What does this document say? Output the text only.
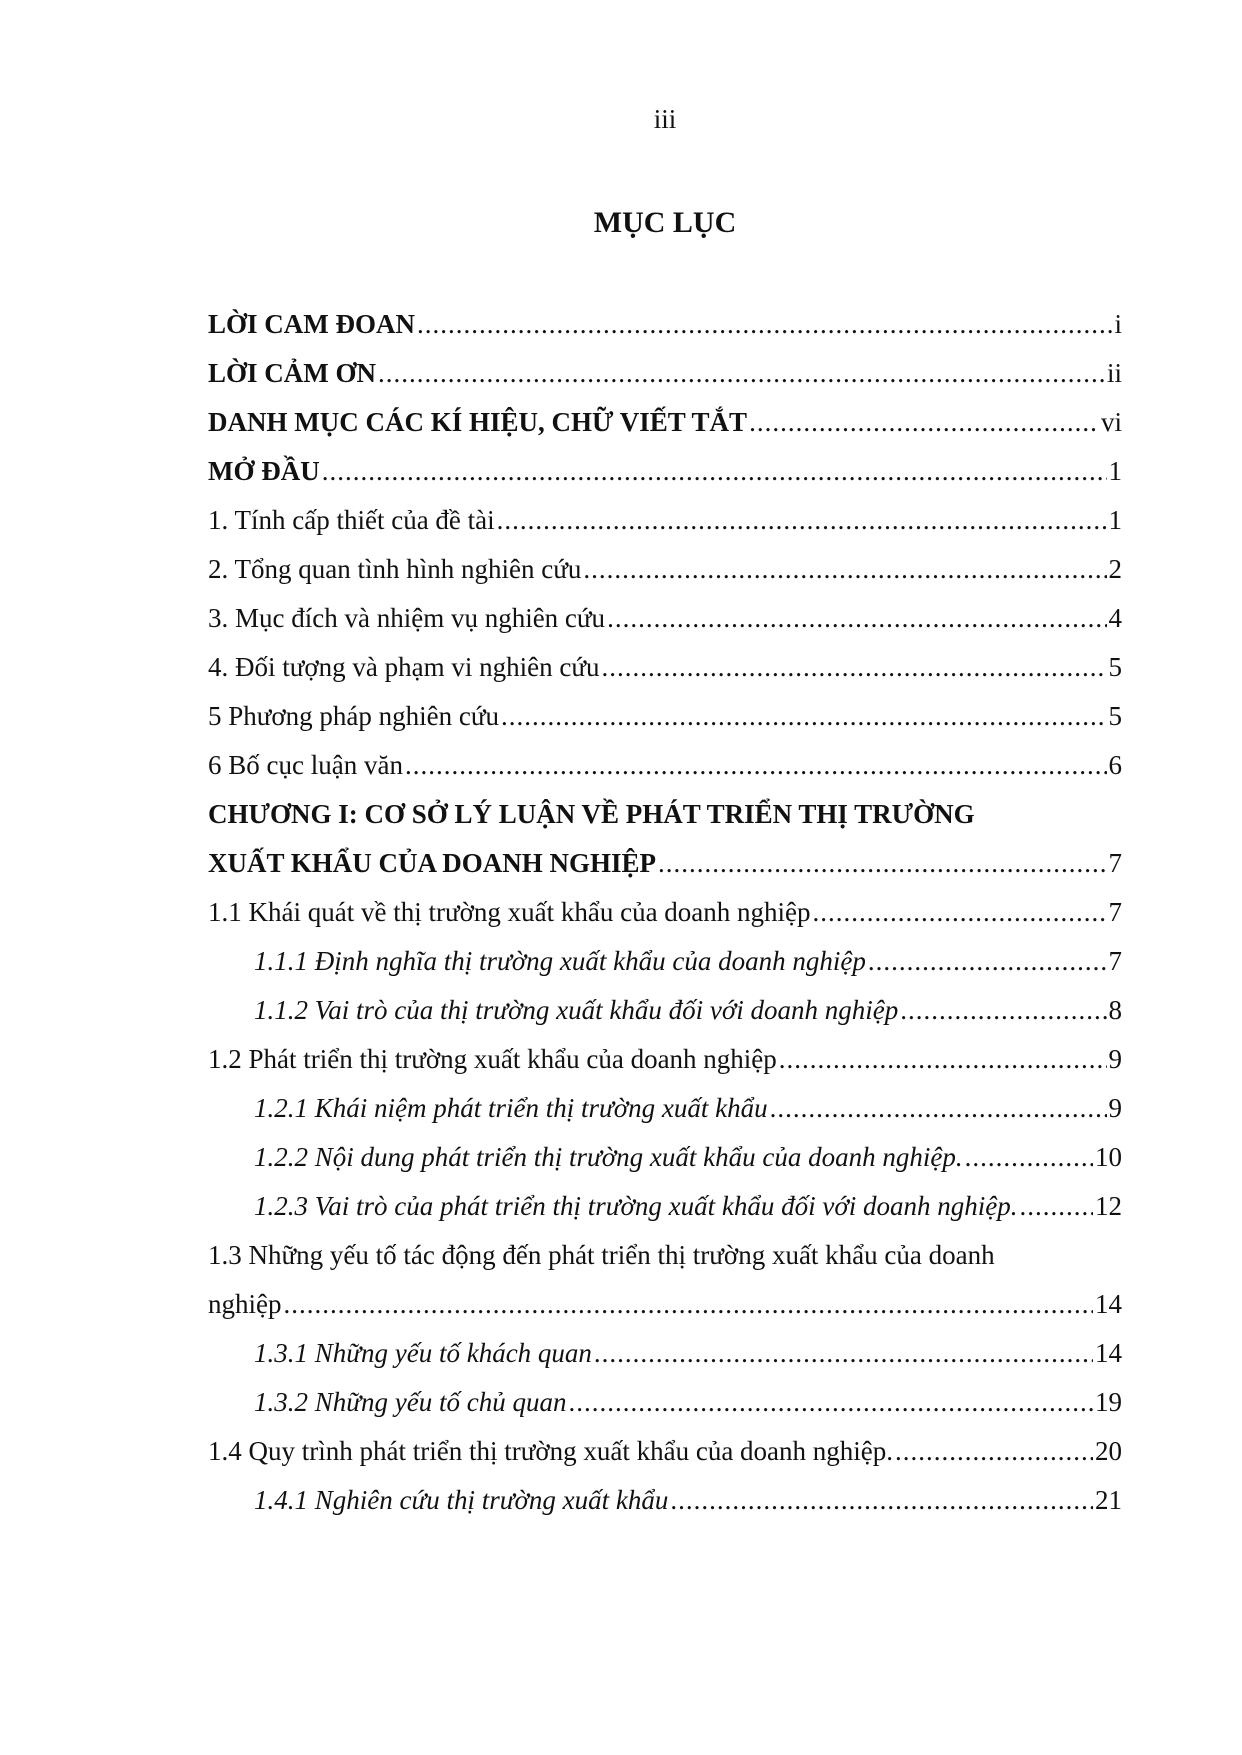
iii
MỤC LỤC
LỜI CAM ĐOAN .....	i
LỜI CẢM ƠN .....	ii
DANH MỤC CÁC KÍ HIỆU, CHỮ VIẾT TẮT .....	vi
MỞ ĐẦU .....	1
1. Tính cấp thiết của đề tài .....	1
2. Tổng quan tình hình nghiên cứu .....	2
3. Mục đích và nhiệm vụ nghiên cứu .....	4
4. Đối tượng và phạm vi nghiên cứu .....	5
5 Phương pháp nghiên cứu .....	5
6 Bố cục luận văn .....	6
CHƯƠNG I: CƠ SỞ LÝ LUẬN VỀ PHÁT TRIỂN THỊ TRƯỜNG
XUẤT KHẨU CỦA DOANH NGHIỆP .....	7
1.1 Khái quát về thị trường xuất khẩu của doanh nghiệp .....	7
1.1.1 Định nghĩa thị trường xuất khẩu của doanh nghiệp .....	7
1.1.2 Vai trò của thị trường xuất khẩu đối với doanh nghiệp .....	8
1.2 Phát triển thị trường xuất khẩu của doanh nghiệp .....	9
1.2.1 Khái niệm phát triển thị trường xuất khẩu .....	9
1.2.2 Nội dung phát triển thị trường xuất khẩu của doanh nghiệp. .....	10
1.2.3 Vai trò của phát triển thị trường xuất khẩu đối với doanh nghiệp. .....	12
1.3 Những yếu tố tác động đến phát triển thị trường xuất khẩu của doanh
nghiệp .....	14
1.3.1 Những yếu tố khách quan .....	14
1.3.2 Những yếu tố chủ quan .....	19
1.4 Quy trình phát triển thị trường xuất khẩu của doanh nghiệp. .....	20
1.4.1 Nghiên cứu thị trường xuất khẩu .....	21
